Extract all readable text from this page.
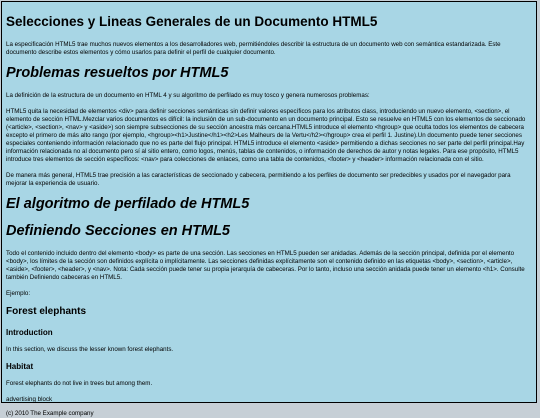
Selecciones y Lineas Generales de un Documento HTML5

La especificación HTML5 trae muchos nuevos elementos a los desarrolladores web, permitiéndoles describir la estructura de un documento web con semántica estandarizada. Este documento describe estos elementos y cómo usarlos para definir el perfil de cualquier documento.

Problemas resueltos por HTML5

La definición de la estructura de un documento en HTML 4 y su algoritmo de perfilado es muy tosco y genera numerosos problemas:

HTML5 quita la necesidad de elementos <div> para definir secciones semánticas sin definir valores específicos para los atributos class, introduciendo un nuevo elemento, <section>, el elemento de sección HTML.Mezclar varios documentos es difícil: la inclusión de un sub-documento en un documento principal. Esto se resuelve en HTML5 con los elementos de seccionado (<article>, <section>, <nav> y <aside>) son siempre subsecciones de su sección ancestra más cercana.HTML5 introduce el elemento <hgroup> que oculta todos los elementos de cabecera excepto el primero de más alto rango (por ejemplo, <hgroup><h1>Justine</h1><h2>Les Malheurs de la Vertu</h2></hgroup> crea el perfil 1. Justine).Un documento puede tener secciones especiales conteniendo información relacionado que no es parte del flujo principal. HTML5 introduce el elemento <aside> permitiendo a dichas secciones no ser parte del perfil principal.Hay información relacionada no al documento pero sí al sitio entero, como logos, menús, tablas de contenidos, o información de derechos de autor y notas legales. Para ese propósito, HTML5 introduce tres elementos de sección específicos: <nav> para colecciones de enlaces, como una tabla de contenidos, <footer> y <header> información relacionada con el sitio.

De manera más general, HTML5 trae precisión a las características de seccionado y cabecera, permitiendo a los perfiles de documento ser predecibles y usados por el navegador para mejorar la experiencia de usuario.

El algoritmo de perfilado de HTML5
Definiendo Secciones en HTML5

Todo el contenido incluido dentro del elemento <body> es parte de una sección. Las secciones en HTML5 pueden ser anidadas. Además de la sección principal, definida por el elemento <body>, los límites de la sección son definidos explícita o implícitamente. Las secciones definidas explícitamente son el contenido definido en las etiquetas <body>, <section>, <article>, <aside>, <footer>, <header>, y <nav>. Nota: Cada sección puede tener su propia jerarquía de cabeceras. Por lo tanto, incluso una sección anidada puede tener un elemento <h1>. Consulte también Definiendo cabeceras en HTML5.

Ejemplo:

Forest elephants
Introduction

In this section, we discuss the lesser known forest elephants.

Habitat

Forest elephants do not live in trees but among them.

advertising block

(c) 2010 The Example company
